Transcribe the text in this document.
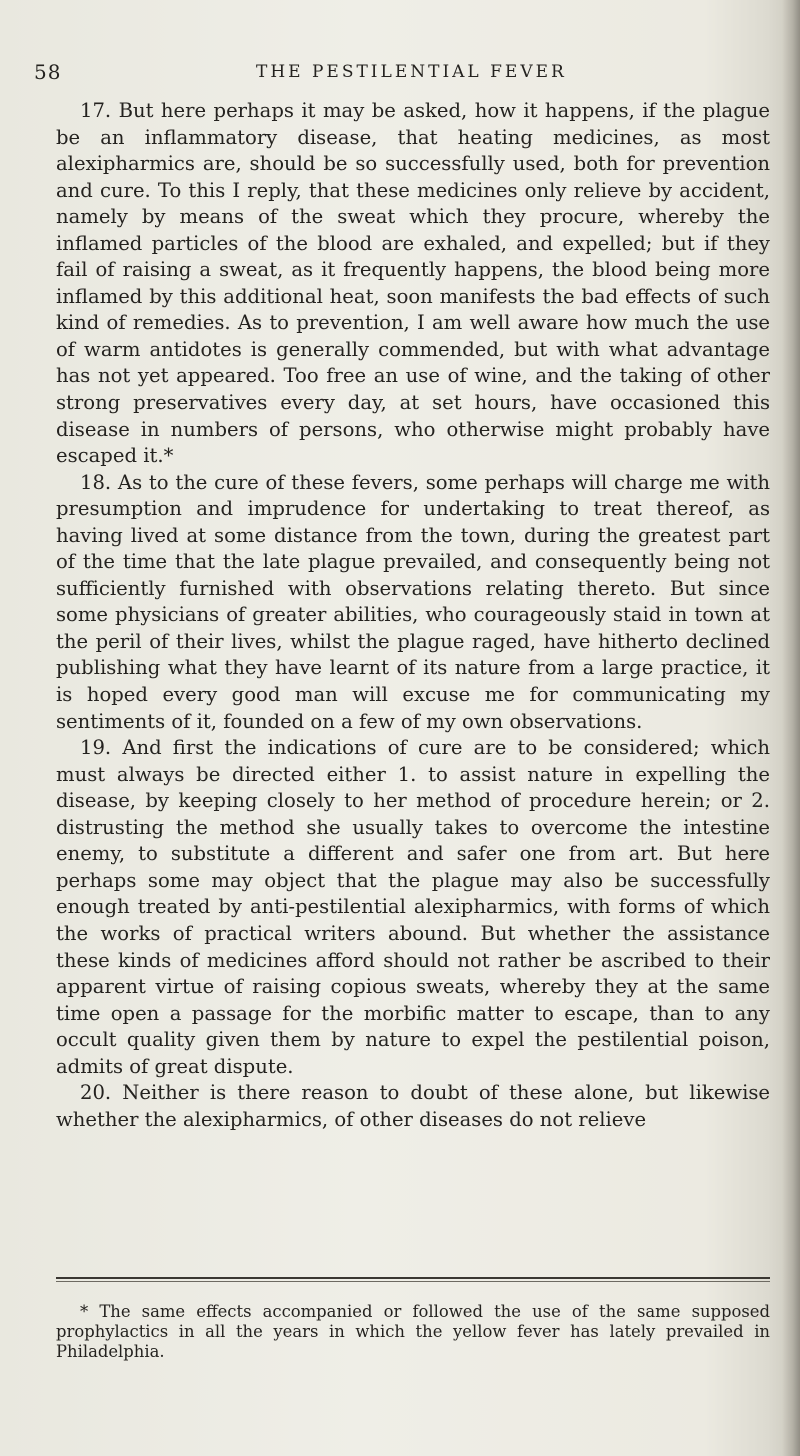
58	THE PESTILENTIAL FEVER

17. But here perhaps it may be asked, how it happens, if the plague be an inflammatory disease, that heating medicines, as most alexipharmics are, should be so successfully used, both for prevention and cure. To this I reply, that these medicines only relieve by accident, namely by means of the sweat which they procure, whereby the inflamed particles of the blood are exhaled, and expelled; but if they fail of raising a sweat, as it frequently happens, the blood being more inflamed by this additional heat, soon manifests the bad effects of such kind of remedies. As to prevention, I am well aware how much the use of warm antidotes is generally commended, but with what advantage has not yet appeared. Too free an use of wine, and the taking of other strong preservatives every day, at set hours, have occasioned this disease in numbers of persons, who otherwise might probably have escaped it.*

18. As to the cure of these fevers, some perhaps will charge me with presumption and imprudence for undertaking to treat thereof, as having lived at some distance from the town, during the greatest part of the time that the late plague prevailed, and consequently being not sufficiently furnished with observations relating thereto. But since some physicians of greater abilities, who courageously staid in town at the peril of their lives, whilst the plague raged, have hitherto declined publishing what they have learnt of its nature from a large practice, it is hoped every good man will excuse me for communicating my sentiments of it, founded on a few of my own observations.

19. And first the indications of cure are to be considered; which must always be directed either 1. to assist nature in expelling the disease, by keeping closely to her method of procedure herein; or 2. distrusting the method she usually takes to overcome the intestine enemy, to substitute a different and safer one from art. But here perhaps some may object that the plague may also be successfully enough treated by anti-pestilential alexipharmics, with forms of which the works of practical writers abound. But whether the assistance these kinds of medicines afford should not rather be ascribed to their apparent virtue of raising copious sweats, whereby they at the same time open a passage for the morbific matter to escape, than to any occult quality given them by nature to expel the pestilential poison, admits of great dispute.

20. Neither is there reason to doubt of these alone, but likewise whether the alexipharmics, of other diseases do not relieve

* The same effects accompanied or followed the use of the same supposed prophylactics in all the years in which the yellow fever has lately prevailed in Philadelphia.
